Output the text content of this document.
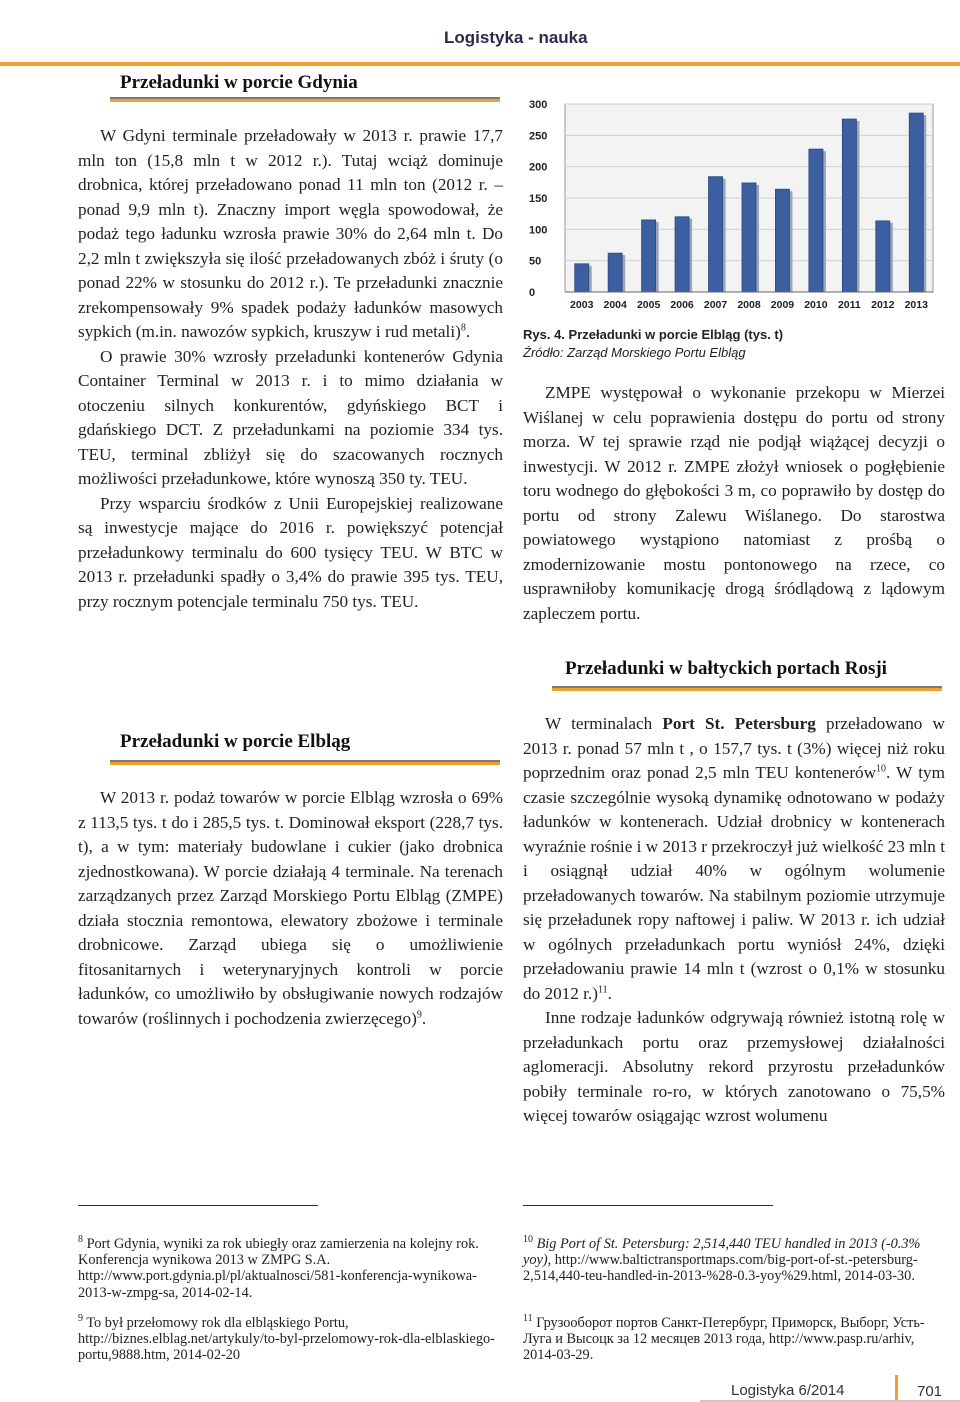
Logistyka - nauka
Przeładunki w porcie Gdynia

W Gdyni terminale przeładowały w 2013 r. prawie 17,7 mln ton (15,8 mln t w 2012 r.). Tutaj wciąż dominuje drobnica, której przeładowano ponad 11 mln ton (2012 r. – ponad 9,9 mln t). Znaczny import węgla spowodował, że podaż tego ładunku wzrosła prawie 30% do 2,64 mln t. Do 2,2 mln t zwiększyła się ilość przeładowanych zbóż i śruty (o ponad 22% w stosunku do 2012 r.). Te przeładunki znacznie zrekompensowały 9% spadek podaży ładunków masowych sypkich (m.in. nawozów sypkich, kruszyw i rud metali)$^8$.

O prawie 30% wzrosły przeładunki kontenerów Gdynia Container Terminal w 2013 r. i to mimo działania w otoczeniu silnych konkurentów, gdyńskiego BCT i gdańskiego DCT. Z przeładunkami na poziomie 334 tys. TEU, terminal zbliżył się do szacowanych rocznych możliwości przeładunkowe, które wynoszą 350 ty. TEU.

Przy wsparciu środków z Unii Europejskiej realizowane są inwestycje mające do 2016 r. powiększyć potencjał przeładunkowy terminalu do 600 tysięcy TEU. W BTC w 2013 r. przeładunki spadły o 3,4% do prawie 395 tys. TEU, przy rocznym potencjale terminalu 750 tys. TEU.

Przeładunki w porcie Elbląg

W 2013 r. podaż towarów w porcie Elbląg wzrosła o 69% z 113,5 tys. t do i 285,5 tys. t. Dominował eksport (228,7 tys. t), a w tym: materiały budowlane i cukier (jako drobnica zjednostkowana). W porcie działają 4 terminale. Na terenach zarządzanych przez Zarząd Morskiego Portu Elbląg (ZMPE) działa stocznia remontowa, elewatory zbożowe i terminale drobnicowe. Zarząd ubiega się o umożliwienie fitosanitarnych i weterynaryjnych kontroli w porcie ładunków, co umożliwiło by obsługiwanie nowych rodzajów towarów (roślinnych i pochodzenia zwierzęcego)$^9$.

300
250
200
150
100
50
0
2003 2004 2005 2006 2007 2008 2009 2010 2011 2012 2013
Rys. 4. Przeładunki w porcie Elbląg (tys. t)
Źródło: Zarząd Morskiego Portu Elbląg

ZMPE występował o wykonanie przekopu w Mierzei Wiślanej w celu poprawienia dostępu do portu od strony morza. W tej sprawie rząd nie podjął wiążącej decyzji o inwestycji. W 2012 r. ZMPE złożył wniosek o pogłębienie toru wodnego do głębokości 3 m, co poprawiło by dostęp do portu od strony Zalewu Wiślanego. Do starostwa powiatowego wystąpiono natomiast z prośbą o zmodernizowanie mostu pontonowego na rzece, co usprawniłoby komunikację drogą śródlądową z lądowym zapleczem portu.

Przeładunki w bałtyckich portach Rosji

W terminalach Port St. Petersburg przeładowano w 2013 r. ponad 57 mln t , o 157,7 tys. t (3%) więcej niż roku poprzednim oraz ponad 2,5 mln TEU kontenerów$^{10}$. W tym czasie szczególnie wysoką dynamikę odnotowano w podaży ładunków w kontenerach. Udział drobnicy w kontenerach wyraźnie rośnie i w 2013 r przekroczył już wielkość 23 mln t i osiągnął udział 40% w ogólnym wolumenie przeładowanych towarów. Na stabilnym poziomie utrzymuje się przeładunek ropy naftowej i paliw. W 2013 r. ich udział w ogólnych przeładunkach portu wyniósł 24%, dzięki przeładowaniu prawie 14 mln t (wzrost o 0,1% w stosunku do 2012 r.)$^{11}$.

Inne rodzaje ładunków odgrywają również istotną rolę w przeładunkach portu oraz przemysłowej działalności aglomeracji. Absolutny rekord przyrostu przeładunków pobiły terminale ro-ro, w których zanotowano o 75,5% więcej towarów osiągając wzrost wolumenu

$^8$ Port Gdynia, wyniki za rok ubiegły oraz zamierzenia na kolejny rok. Konferencja wynikowa 2013 w ZMPG S.A. http://www.port.gdynia.pl/pl/aktualnosci/581-konferencja-wynikowa-2013-w-zmpg-sa, 2014-02-14.
$^9$ To był przełomowy rok dla elbląskiego Portu, http://biznes.elblag.net/artykuly/to-byl-przelomowy-rok-dla-elblaskiego-portu,9888.htm, 2014-02-20
$^{10}$ Big Port of St. Petersburg: 2,514,440 TEU handled in 2013 (-0.3% yoy), http://www.baltictransportmaps.com/big-port-of-st.-petersburg-2,514,440-teu-handled-in-2013-%28-0.3-yoy%29.html, 2014-03-30.
$^{11}$ Грузооборот портов Санкт-Петербург, Приморск, Выборг, Усть-Луга и Высоцк за 12 месяцев 2013 года, http://www.pasp.ru/arhiv, 2014-03-29.
Logistyka 6/2014	701
